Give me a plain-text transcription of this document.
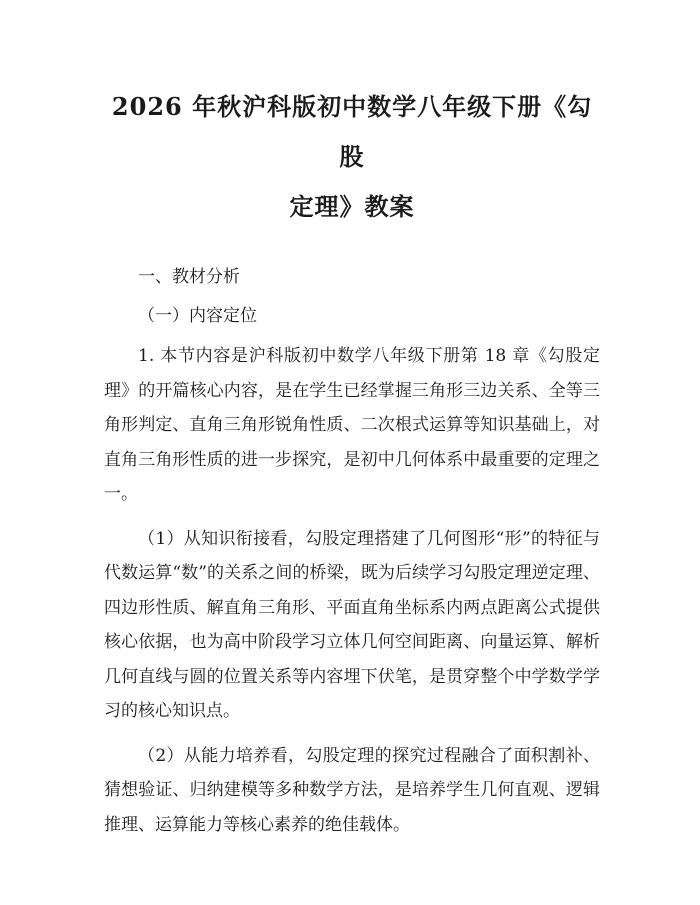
2026 年秋沪科版初中数学八年级下册《勾股
定理》教案

一、教材分析

（一）内容定位

1. 本节内容是沪科版初中数学八年级下册第 18 章《勾股定理》的开篇核心内容，是在学生已经掌握三角形三边关系、全等三角形判定、直角三角形锐角性质、二次根式运算等知识基础上，对直角三角形性质的进一步探究，是初中几何体系中最重要的定理之一。

（1）从知识衔接看，勾股定理搭建了几何图形“形”的特征与代数运算“数”的关系之间的桥梁，既为后续学习勾股定理逆定理、四边形性质、解直角三角形、平面直角坐标系内两点距离公式提供核心依据，也为高中阶段学习立体几何空间距离、向量运算、解析几何直线与圆的位置关系等内容埋下伏笔，是贯穿整个中学数学学习的核心知识点。

（2）从能力培养看，勾股定理的探究过程融合了面积割补、猜想验证、归纳建模等多种数学方法，是培养学生几何直观、逻辑推理、运算能力等核心素养的绝佳载体。
